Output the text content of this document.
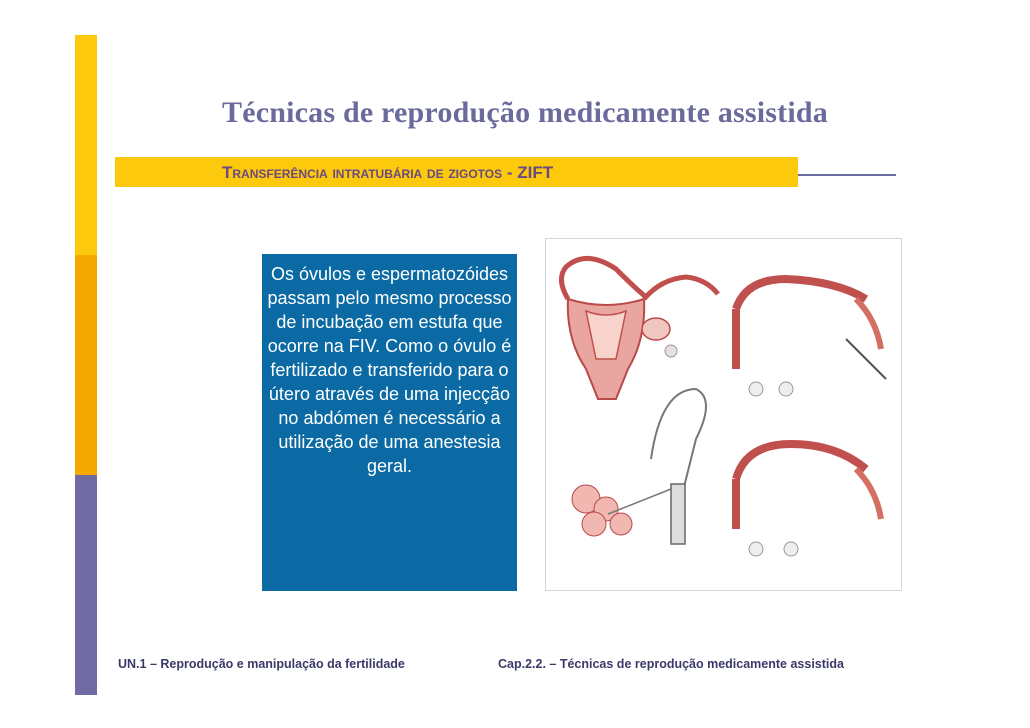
Técnicas de reprodução medicamente assistida
Transferência intratubária de zigotos - ZIFT
Os óvulos e espermatozóides passam pelo mesmo processo de incubação em estufa que ocorre na FIV. Como o óvulo é fertilizado e transferido para o útero através de uma injecção no abdómen é necessário a utilização de uma anestesia geral.
UN.1 – Reprodução e manipulação da fertilidade	Cap.2.2. – Técnicas de reprodução medicamente assistida
